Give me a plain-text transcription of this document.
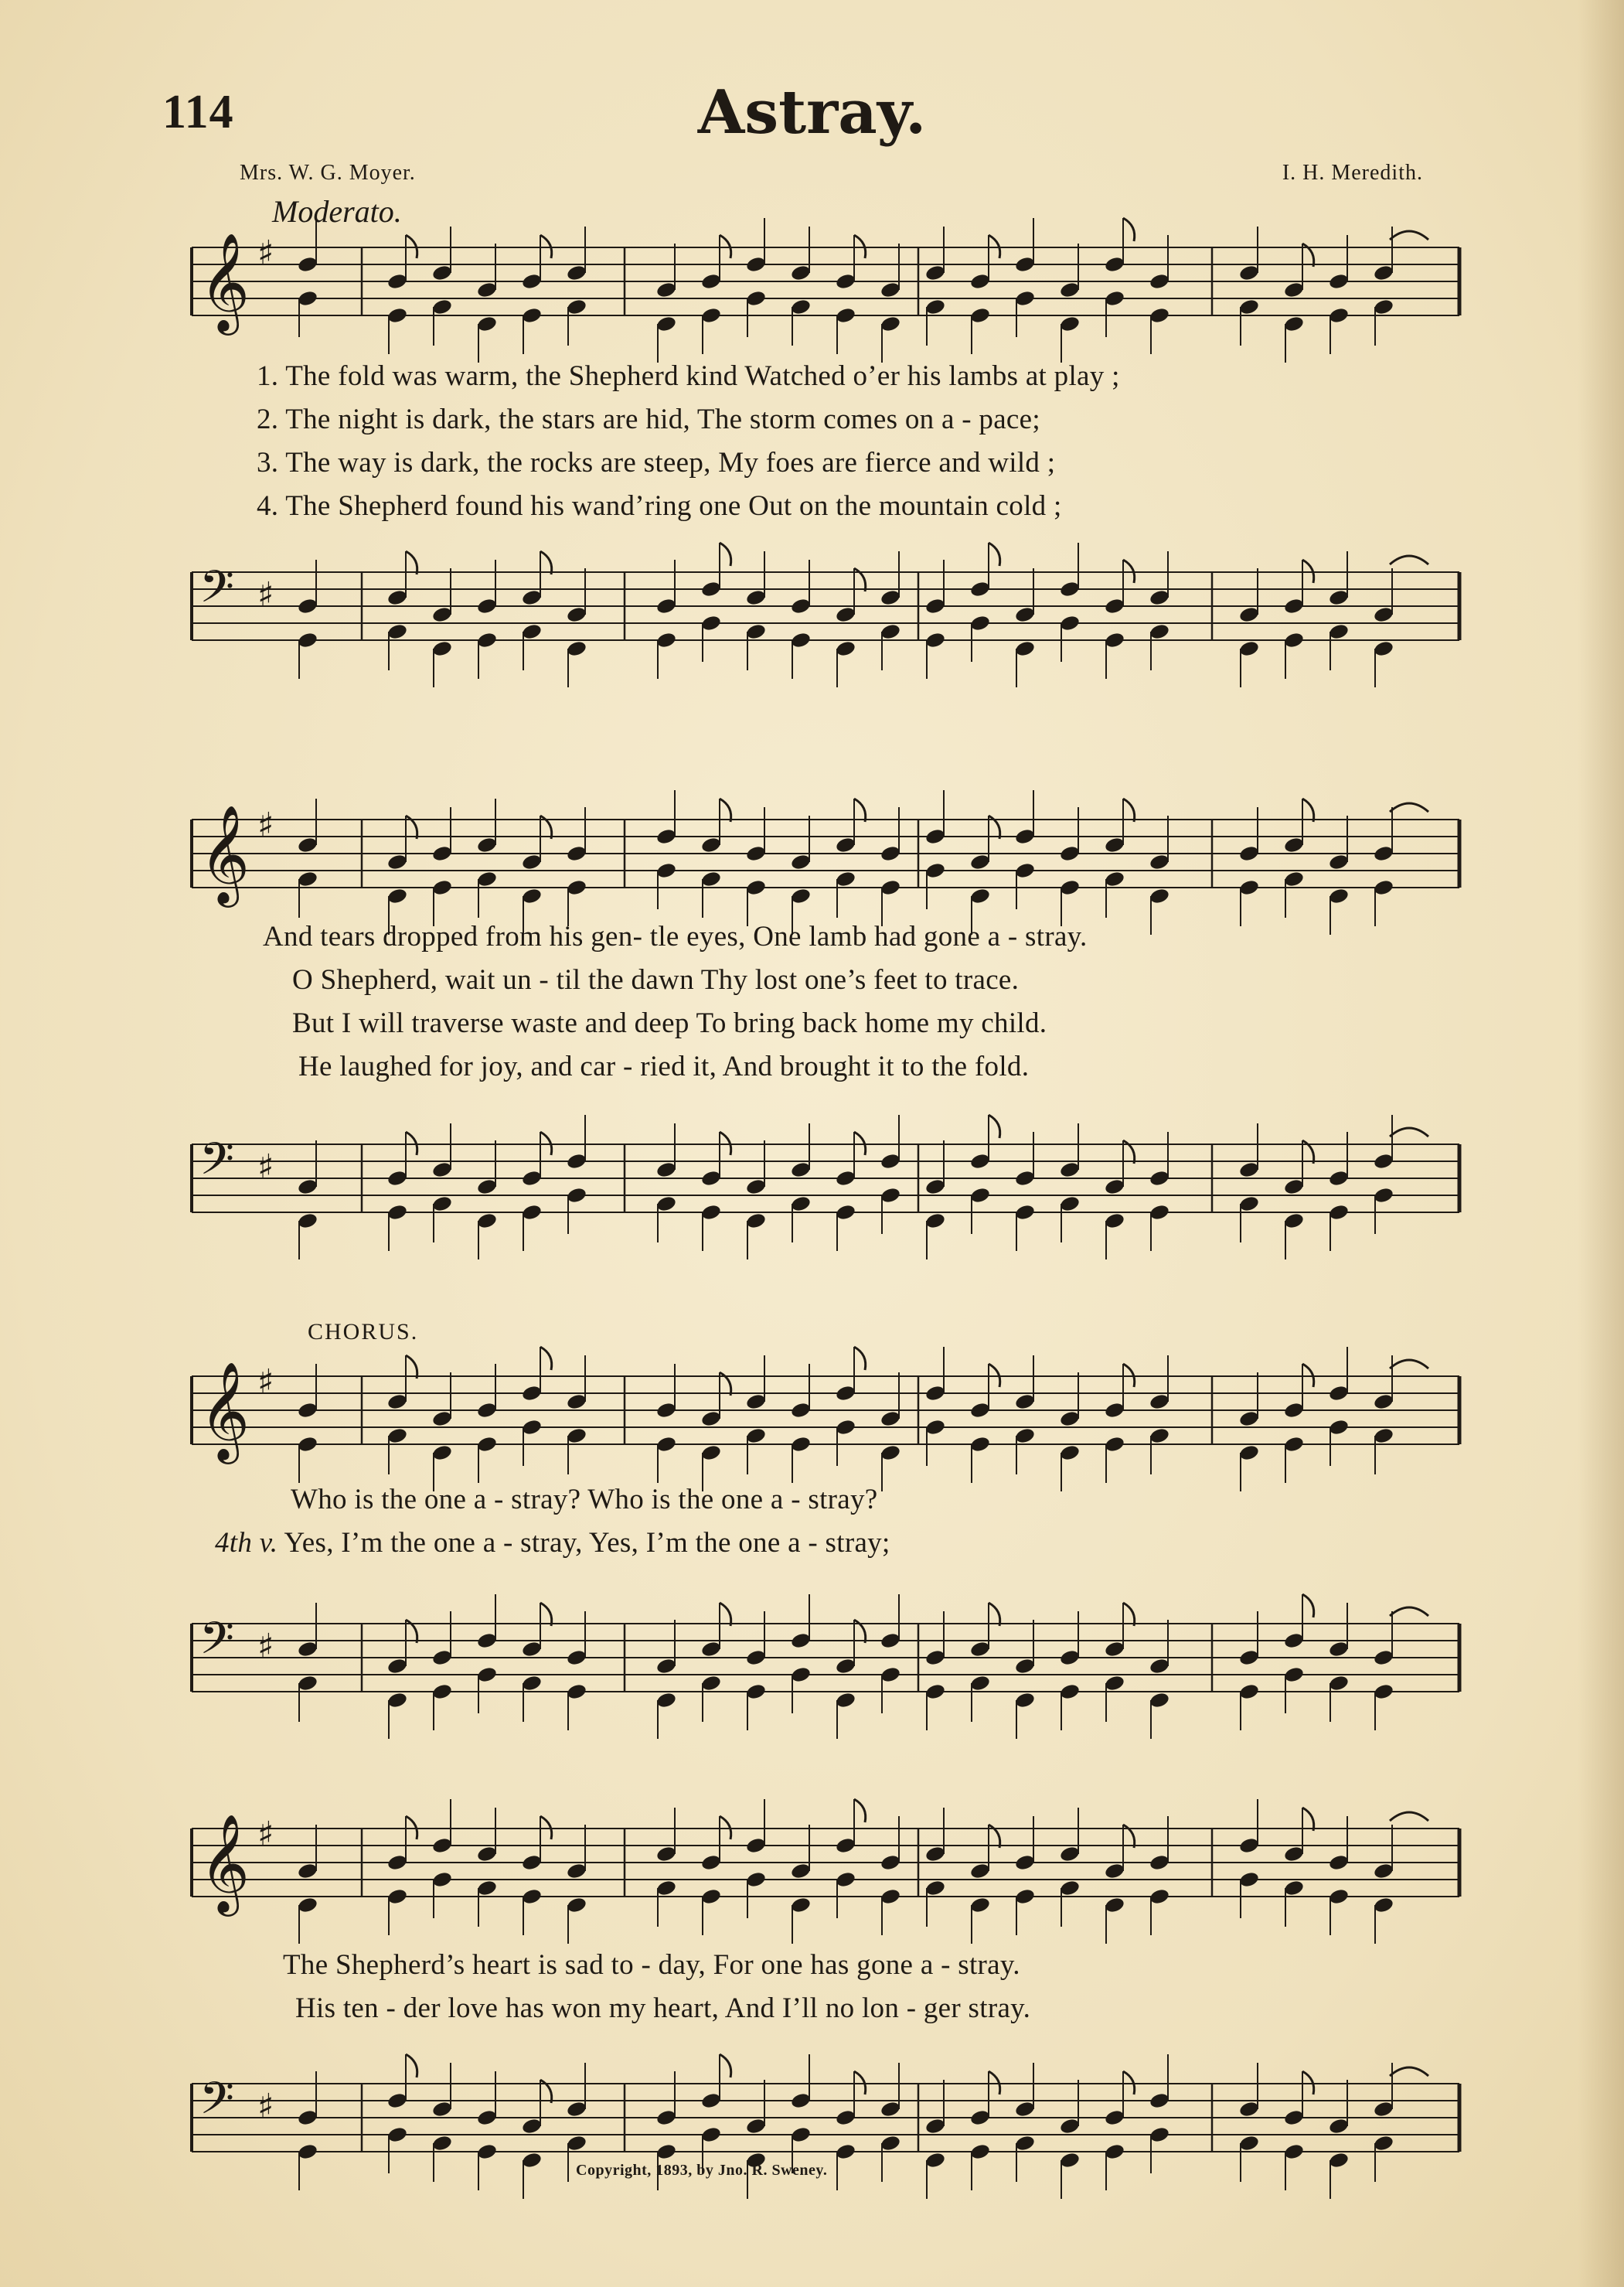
114	Astray.
Mrs. W. G. Moyer.	I. H. Meredith.
Moderato.
𝄞 ♯
𝄢 ♯
1. The fold was warm, the Shepherd kind Watched o’er his lambs at play ;
2. The night is dark, the stars are hid, The storm comes on a - pace;
3. The way is dark, the rocks are steep, My foes are fierce and wild ;
4. The Shepherd found his wand’ring one Out on the mountain cold ;
𝄞 ♯
𝄢 ♯
And tears dropped from his gen- tle eyes, One lamb had gone a - stray.
O Shepherd, wait un - til the dawn Thy lost one’s feet to trace.
But I will traverse waste and deep To bring back home my child.
He laughed for joy, and car - ried it, And brought it to the fold.
CHORUS.
𝄞 ♯
𝄢 ♯
Who is the one a - stray? Who is the one a - stray?
4th v. Yes, I’m the one a - stray, Yes, I’m the one a - stray;
𝄞 ♯
𝄢 ♯
The Shepherd’s heart is sad to - day, For one has gone a - stray.
His ten - der love has won my heart, And I’ll no lon - ger stray.
Copyright, 1893, by Jno. R. Sweney.
